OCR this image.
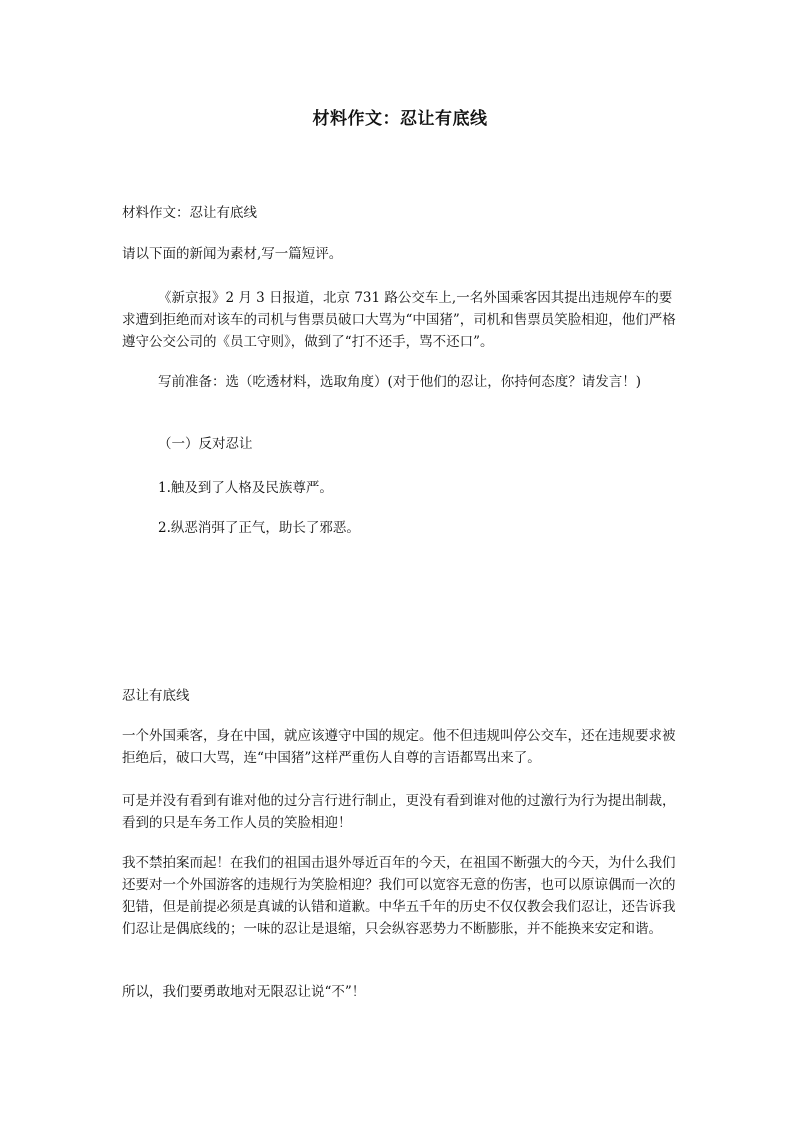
材料作文：忍让有底线

材料作文：忍让有底线

请以下面的新闻为素材,写一篇短评。

《新京报》2 月 3 日报道，北京 731 路公交车上,一名外国乘客因其提出违规停车的要求遭到拒绝而对该车的司机与售票员破口大骂为“中国猪”，司机和售票员笑脸相迎，他们严格遵守公交公司的《员工守则》，做到了“打不还手，骂不还口”。

写前准备：选（吃透材料，选取角度）(对于他们的忍让，你持何态度？请发言！)

（一）反对忍让

1.触及到了人格及民族尊严。

2.纵恶消弭了正气，助长了邪恶。

忍让有底线

一个外国乘客，身在中国，就应该遵守中国的规定。他不但违规叫停公交车，还在违规要求被拒绝后，破口大骂，连“中国猪”这样严重伤人自尊的言语都骂出来了。

可是并没有看到有谁对他的过分言行进行制止，更没有看到谁对他的过激行为行为提出制裁，看到的只是车务工作人员的笑脸相迎！

我不禁拍案而起！在我们的祖国击退外辱近百年的今天，在祖国不断强大的今天，为什么我们还要对一个外国游客的违规行为笑脸相迎？我们可以宽容无意的伤害，也可以原谅偶而一次的犯错，但是前提必须是真诚的认错和道歉。中华五千年的历史不仅仅教会我们忍让，还告诉我们忍让是偶底线的；一味的忍让是退缩，只会纵容恶势力不断膨胀，并不能换来安定和谐。

所以，我们要勇敢地对无限忍让说“不”！
